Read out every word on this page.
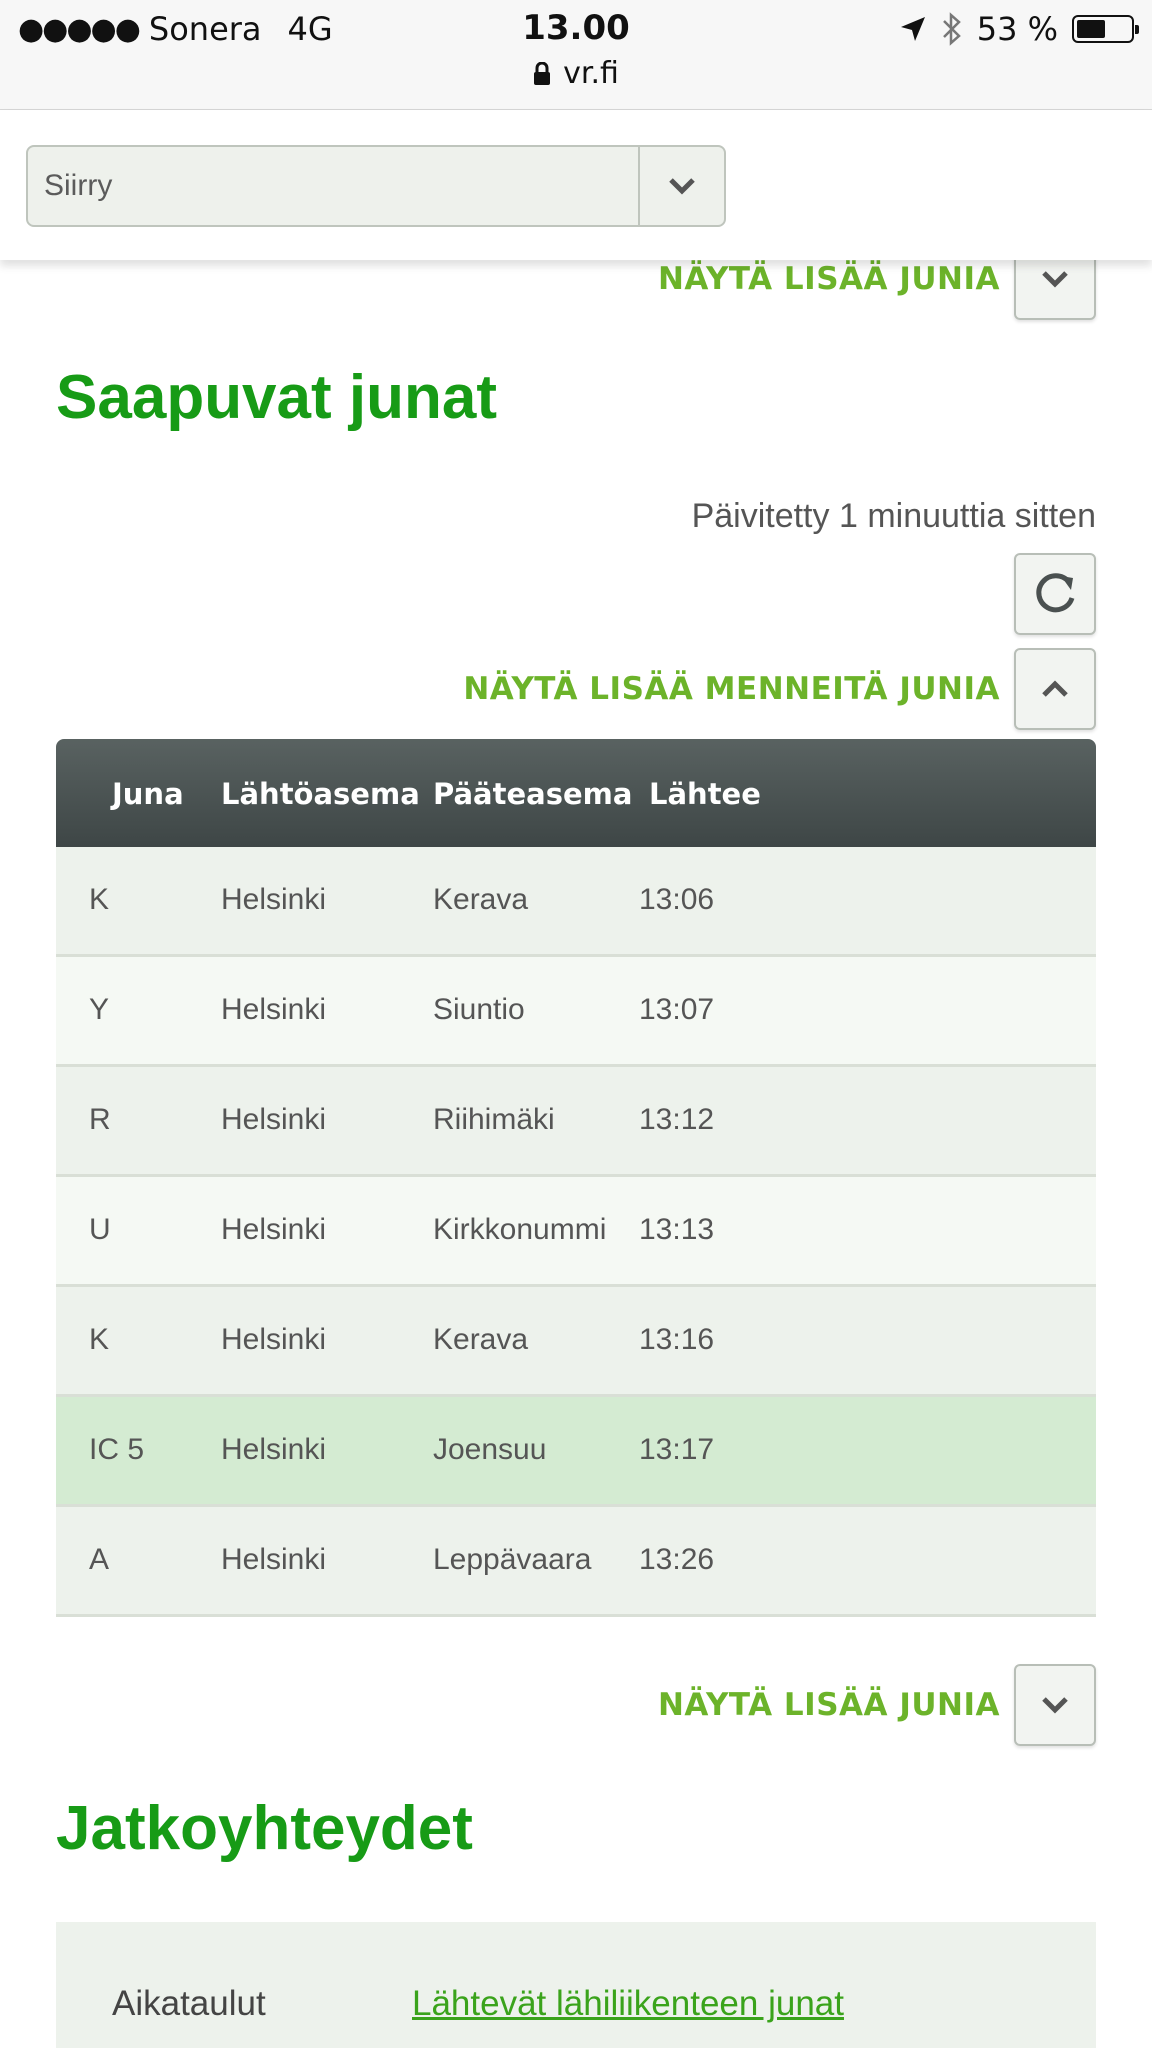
●●●●● Sonera 4G	13.00
vr.fi
53 %
Siirry
NÄYTÄ LISÄÄ JUNIA
Saapuvat junat
Päivitetty 1 minuuttia sitten
NÄYTÄ LISÄÄ MENNEITÄ JUNIA
Juna Lähtöasema Pääteasema Lähtee
K	Helsinki	Kerava	13:06
Y	Helsinki	Siuntio	13:07
R	Helsinki	Riihimäki	13:12
U	Helsinki	Kirkkonummi 13:13
K	Helsinki	Kerava	13:16
IC 5	Helsinki	Joensuu	13:17
A	Helsinki	Leppävaara 13:26
NÄYTÄ LISÄÄ JUNIA
Jatkoyhteydet
Aikataulut	Lähtevät lähiliikenteen junat
